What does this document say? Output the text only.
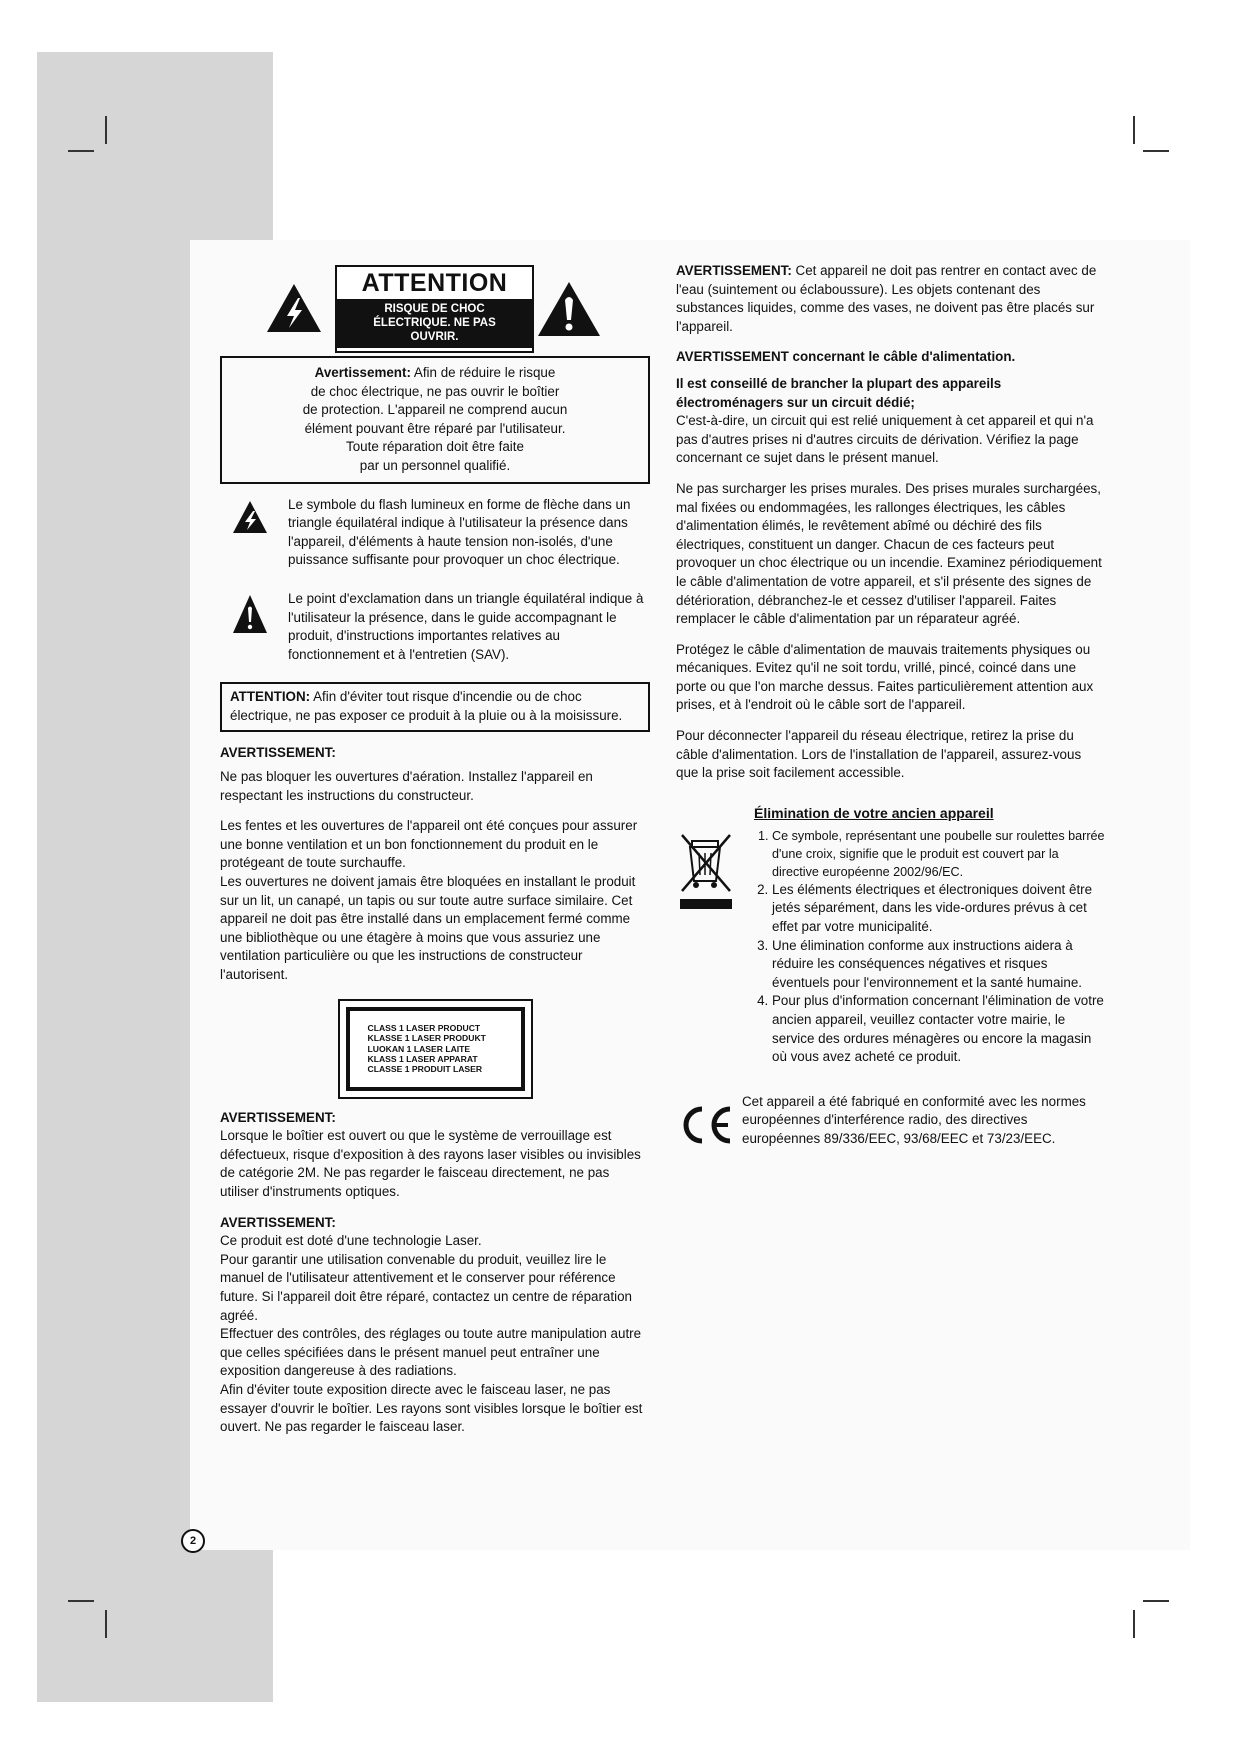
ATTENTION
RISQUE DE CHOC
ÉLECTRIQUE. NE PAS
OUVRIR.

Avertissement: Afin de réduire le risque

de choc électrique, ne pas ouvrir le boîtier

de protection. L'appareil ne comprend aucun

élément pouvant être réparé par l'utilisateur.

Toute réparation doit être faite

par un personnel qualifié.

Le symbole du flash lumineux en forme de flèche dans un triangle équilatéral indique à l'utilisateur la présence dans l'appareil, d'éléments à haute tension non-isolés, d'une puissance suffisante pour provoquer un choc électrique.

Le point d'exclamation dans un triangle équilatéral indique à l'utilisateur la présence, dans le guide accompagnant le produit, d'instructions importantes relatives au fonctionnement et à l'entretien (SAV).

ATTENTION: Afin d'éviter tout risque d'incendie ou de choc électrique, ne pas exposer ce produit à la pluie ou à la moisissure.

AVERTISSEMENT:

Ne pas bloquer les ouvertures d'aération. Installez l'appareil en respectant les instructions du constructeur.

Les fentes et les ouvertures de l'appareil ont été conçues pour assurer une bonne ventilation et un bon fonctionnement du produit en le protégeant de toute surchauffe.

Les ouvertures ne doivent jamais être bloquées en installant le produit sur un lit, un canapé, un tapis ou sur toute autre surface similaire. Cet appareil ne doit pas être installé dans un emplacement fermé comme une bibliothèque ou une étagère à moins que vous assuriez une ventilation particulière ou que les instructions de constructeur l'autorisent.

CLASS 1 LASER PRODUCT
KLASSE 1 LASER PRODUKT
LUOKAN 1 LASER LAITE
KLASS 1 LASER APPARAT
CLASSE 1 PRODUIT LASER

AVERTISSEMENT:

Lorsque le boîtier est ouvert ou que le système de verrouillage est défectueux, risque d'exposition à des rayons laser visibles ou invisibles de catégorie 2M. Ne pas regarder le faisceau directement, ne pas utiliser d'instruments optiques.

AVERTISSEMENT:

Ce produit est doté d'une technologie Laser.

Pour garantir une utilisation convenable du produit, veuillez lire le manuel de l'utilisateur attentivement et le conserver pour référence future. Si l'appareil doit être réparé, contactez un centre de réparation agréé.

Effectuer des contrôles, des réglages ou toute autre manipulation autre que celles spécifiées dans le présent manuel peut entraîner une exposition dangereuse à des radiations.

Afin d'éviter toute exposition directe avec le faisceau laser, ne pas essayer d'ouvrir le boîtier. Les rayons sont visibles lorsque le boîtier est ouvert. Ne pas regarder le faisceau laser.

AVERTISSEMENT: Cet appareil ne doit pas rentrer en contact avec de l'eau (suintement ou éclaboussure). Les objets contenant des substances liquides, comme des vases, ne doivent pas être placés sur l'appareil.

AVERTISSEMENT concernant le câble d'alimentation.

Il est conseillé de brancher la plupart des appareils électroménagers sur un circuit dédié;

C'est-à-dire, un circuit qui est relié uniquement à cet appareil et qui n'a pas d'autres prises ni d'autres circuits de dérivation. Vérifiez la page concernant ce sujet dans le présent manuel.

Ne pas surcharger les prises murales. Des prises murales surchargées, mal fixées ou endommagées, les rallonges électriques, les câbles d'alimentation élimés, le revêtement abîmé ou déchiré des fils électriques, constituent un danger. Chacun de ces facteurs peut provoquer un choc électrique ou un incendie. Examinez périodiquement le câble d'alimentation de votre appareil, et s'il présente des signes de détérioration, débranchez-le et cessez d'utiliser l'appareil. Faites remplacer le câble d'alimentation par un réparateur agréé.

Protégez le câble d'alimentation de mauvais traitements physiques ou mécaniques. Evitez qu'il ne soit tordu, vrillé, pincé, coincé dans une porte ou que l'on marche dessus. Faites particulièrement attention aux prises, et à l'endroit où le câble sort de l'appareil.

Pour déconnecter l'appareil du réseau électrique, retirez la prise du câble d'alimentation. Lors de l'installation de l'appareil, assurez-vous que la prise soit facilement accessible.

Élimination de votre ancien appareil
1. Ce symbole, représentant une poubelle sur roulettes barrée d'une croix, signifie que le produit est couvert par la directive européenne 2002/96/EC.
2. Les éléments électriques et électroniques doivent être jetés séparément, dans les vide-ordures prévus à cet effet par votre municipalité.
3. Une élimination conforme aux instructions aidera à réduire les conséquences négatives et risques éventuels pour l'environnement et la santé humaine.
4. Pour plus d'information concernant l'élimination de votre ancien appareil, veuillez contacter votre mairie, le service des ordures ménagères ou encore la magasin où vous avez acheté ce produit.

Cet appareil a été fabriqué en conformité avec les normes européennes d'interférence radio, des directives européennes 89/336/EEC, 93/68/EEC et 73/23/EEC.

2
